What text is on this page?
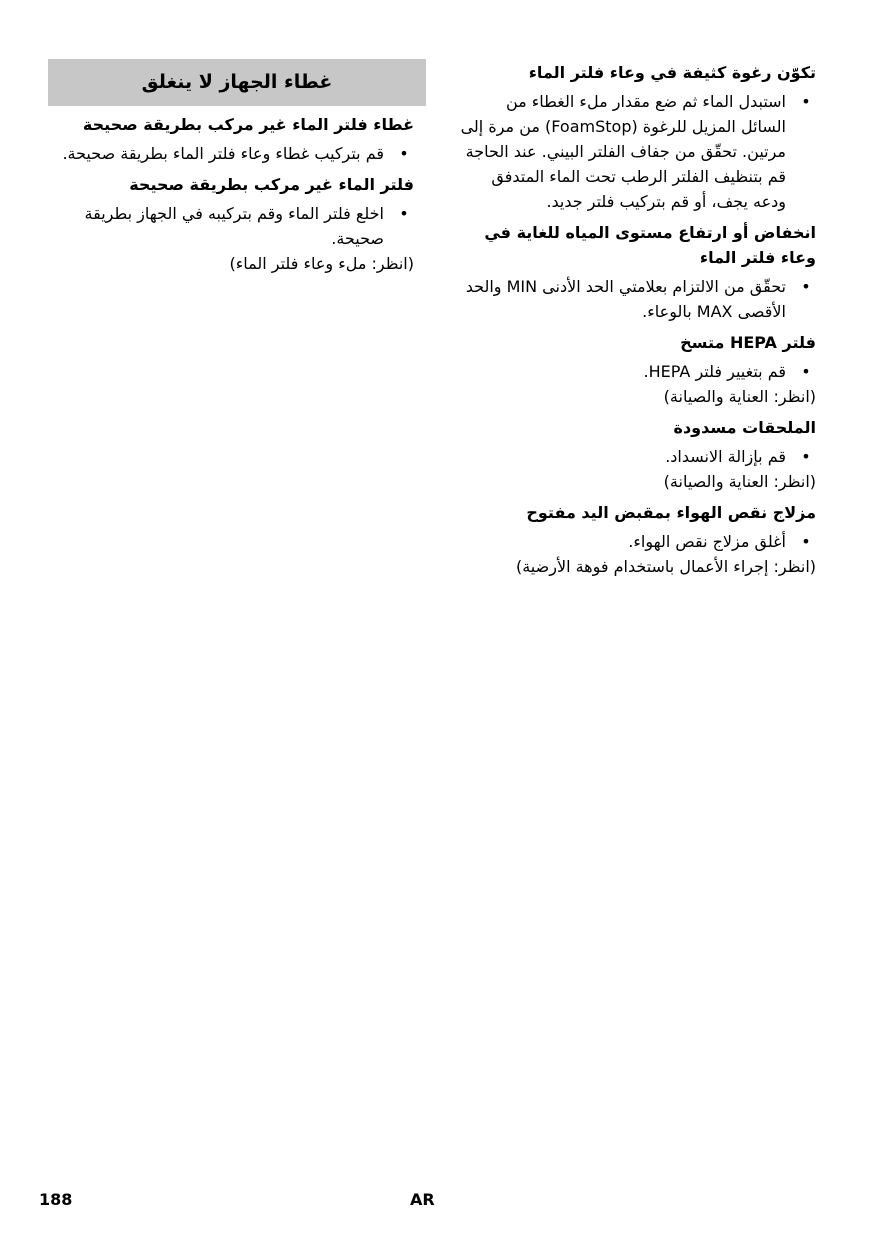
تكوّن رغوة كثيفة في وعاء فلتر الماء

•
استبدل الماء ثم ضع مقدار ملء الغطاء من السائل المزيل للرغوة (FoamStop) من مرة إلى مرتين. تحقّق من جفاف الفلتر البيني. عند الحاجة قم بتنظيف الفلتر الرطب تحت الماء المتدفق ودعه يجف، أو قم بتركيب فلتر جديد.

انخفاض أو ارتفاع مستوى المياه للغاية في وعاء فلتر الماء

•
تحقّق من الالتزام بعلامتي الحد الأدنى MIN والحد الأقصى MAX بالوعاء.

فلتر HEPA متسخ

•
قم بتغيير فلتر HEPA.

(انظر: العناية والصيانة)

الملحقات مسدودة

•
قم بإزالة الانسداد.

(انظر: العناية والصيانة)

مزلاج نقص الهواء بمقبض اليد مفتوح

•
أغلق مزلاج نقص الهواء.

(انظر: إجراء الأعمال باستخدام فوهة الأرضية)

غطاء الجهاز لا ينغلق

غطاء فلتر الماء غير مركب بطريقة صحيحة

•
قم بتركيب غطاء وعاء فلتر الماء بطريقة صحيحة.

فلتر الماء غير مركب بطريقة صحيحة

•
اخلع فلتر الماء وقم بتركيبه في الجهاز بطريقة صحيحة.

(انظر: ملء وعاء فلتر الماء)

188	AR
